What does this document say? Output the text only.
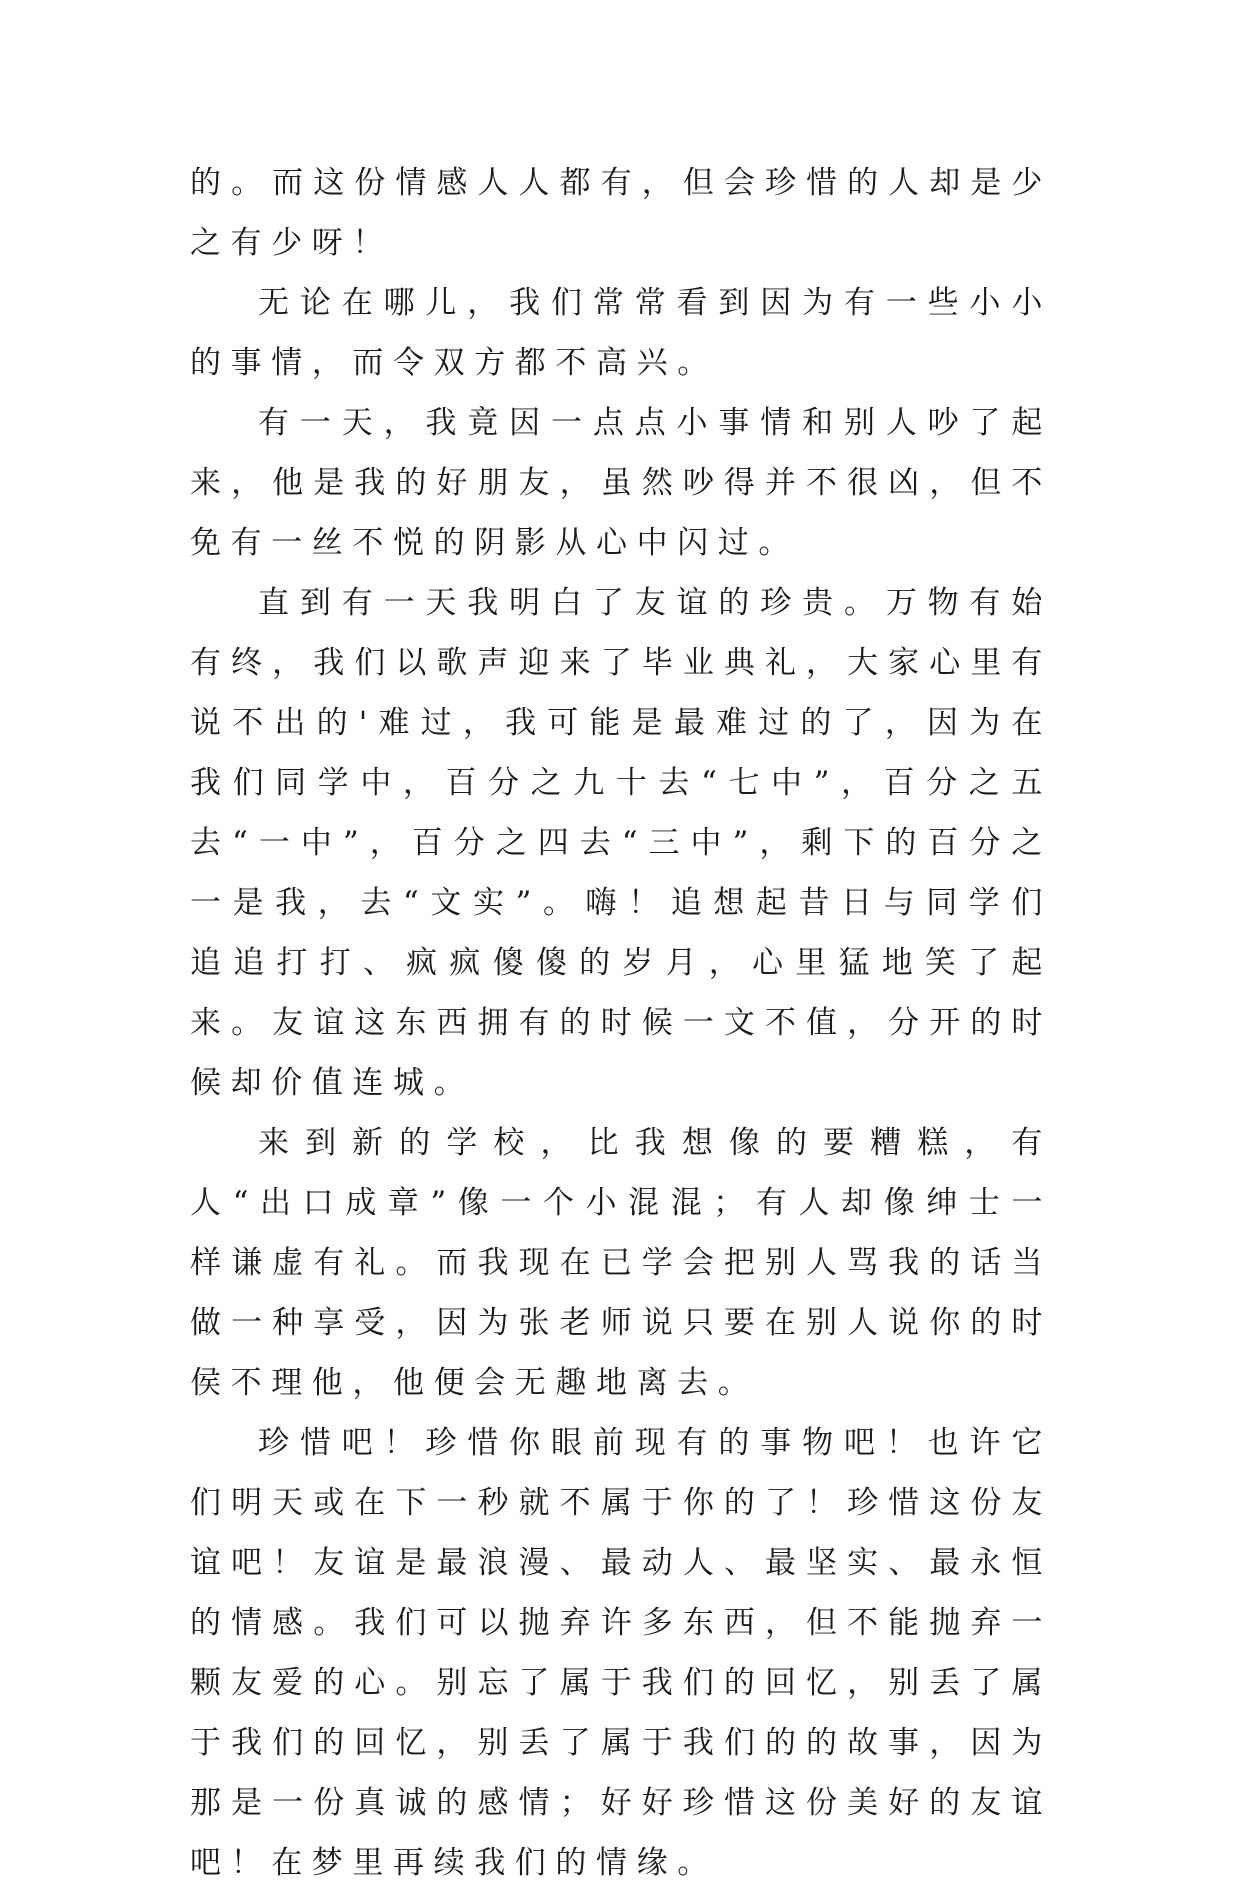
的。而这份情感人人都有，但会珍惜的人却是少之有少呀！

无论在哪儿，我们常常看到因为有一些小小的事情，而令双方都不高兴。

有一天，我竟因一点点小事情和别人吵了起来，他是我的好朋友，虽然吵得并不很凶，但不免有一丝不悦的阴影从心中闪过。

直到有一天我明白了友谊的珍贵。万物有始有终，我们以歌声迎来了毕业典礼，大家心里有说不出的'难过，我可能是最难过的了，因为在我们同学中，百分之九十去“七中”，百分之五去“一中”，百分之四去“三中”，剩下的百分之一是我，去“文实”。嗨！追想起昔日与同学们追追打打、疯疯傻傻的岁月，心里猛地笑了起来。友谊这东西拥有的时候一文不值，分开的时候却价值连城。

来到新的学校，比我想像的要糟糕，有人“出口成章”像一个小混混；有人却像绅士一样谦虚有礼。而我现在已学会把别人骂我的话当做一种享受，因为张老师说只要在别人说你的时侯不理他，他便会无趣地离去。

珍惜吧！珍惜你眼前现有的事物吧！也许它们明天或在下一秒就不属于你的了！珍惜这份友谊吧！友谊是最浪漫、最动人、最坚实、最永恒的情感。我们可以抛弃许多东西，但不能抛弃一颗友爱的心。别忘了属于我们的回忆，别丢了属于我们的回忆，别丢了属于我们的的故事，因为那是一份真诚的感情；好好珍惜这份美好的友谊吧！在梦里再续我们的情缘。
